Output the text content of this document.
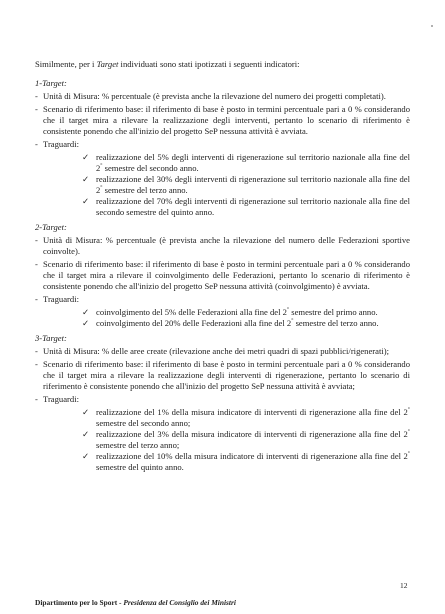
Similmente, per i Target individuati sono stati ipotizzati i seguenti indicatori:

1-Target:

- Unità di Misura: % percentuale (è prevista anche la rilevazione del numero dei progetti completati).
- Scenario di riferimento base: il riferimento di base è posto in termini percentuale pari a 0 % considerando che il target mira a rilevare la realizzazione degli interventi, pertanto lo scenario di riferimento è consistente ponendo che all'inizio del progetto SeP nessuna attività è avviata.
- Traguardi:
✓ realizzazione del 5% degli interventi di rigenerazione sul territorio nazionale alla fine del 2° semestre del secondo anno.
✓ realizzazione del 30% degli interventi di rigenerazione sul territorio nazionale alla fine del 2° semestre del terzo anno.
✓ realizzazione del 70% degli interventi di rigenerazione sul territorio nazionale alla fine del secondo semestre del quinto anno.

2-Target:

- Unità di Misura: % percentuale (è prevista anche la rilevazione del numero delle Federazioni sportive coinvolte).
- Scenario di riferimento base: il riferimento di base è posto in termini percentuale pari a 0 % considerando che il target mira a rilevare il coinvolgimento delle Federazioni, pertanto lo scenario di riferimento è consistente ponendo che all'inizio del progetto SeP nessuna attività (coinvolgimento) è avviata.
- Traguardi:
✓ coinvolgimento del 5% delle Federazioni alla fine del 2° semestre del primo anno.
✓ coinvolgimento del 20% delle Federazioni alla fine del 2° semestre del terzo anno.

3-Target:

- Unità di Misura: % delle aree create (rilevazione anche dei metri quadri di spazi pubblici/rigenerati);
- Scenario di riferimento base: il riferimento di base è posto in termini percentuale pari a 0 % considerando che il target mira a rilevare la realizzazione degli interventi di rigenerazione, pertanto lo scenario di riferimento è consistente ponendo che all'inizio del progetto SeP nessuna attività è avviata;
- Traguardi:
✓ realizzazione del 1% della misura indicatore di interventi di rigenerazione alla fine del 2° semestre del secondo anno;
✓ realizzazione del 3% della misura indicatore di interventi di rigenerazione alla fine del 2° semestre del terzo anno;
✓ realizzazione del 10% della misura indicatore di interventi di rigenerazione alla fine del 2° semestre del quinto anno.
12
Dipartimento per lo Sport - Presidenza del Consiglio dei Ministri
